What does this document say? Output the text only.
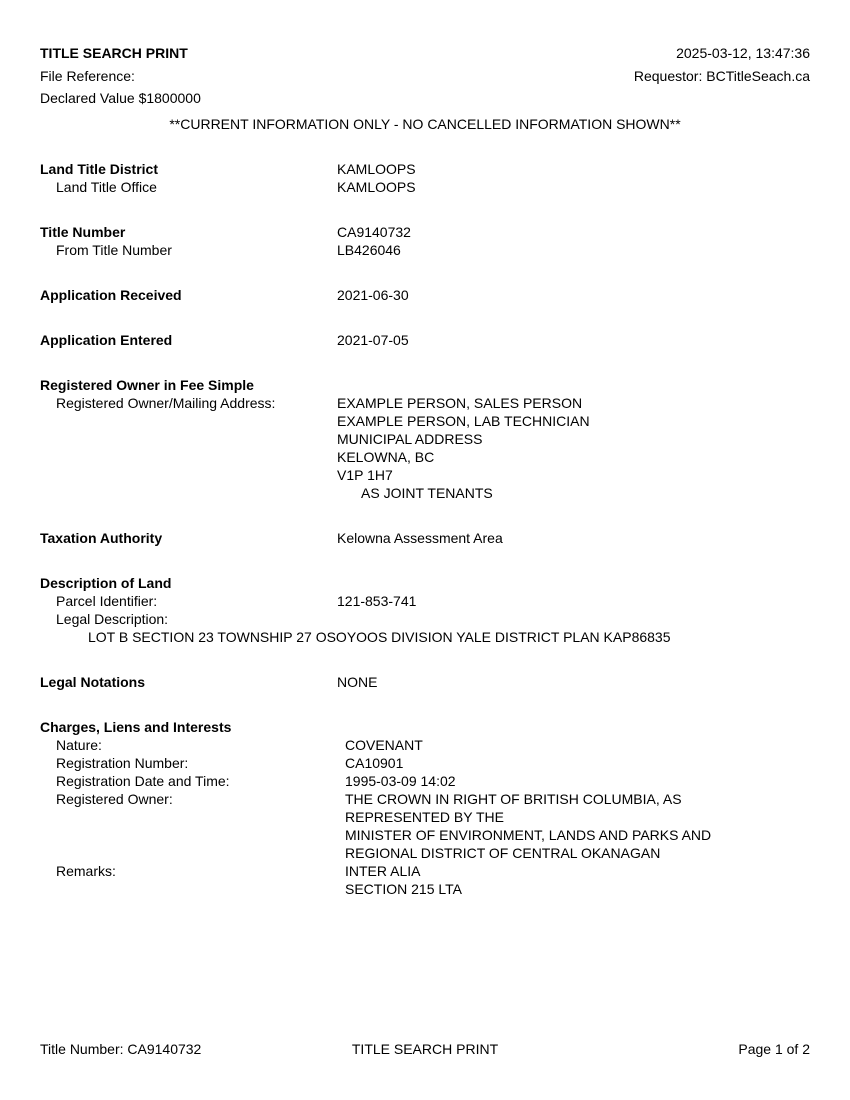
TITLE SEARCH PRINT
File Reference:
Declared Value $1800000
2025-03-12, 13:47:36
Requestor: BCTitleSeach.ca
**CURRENT INFORMATION ONLY - NO CANCELLED INFORMATION SHOWN**
Land Title District	KAMLOOPS
Land Title Office	KAMLOOPS
Title Number	CA9140732
From Title Number	LB426046
Application Received	2021-06-30
Application Entered	2021-07-05
Registered Owner in Fee Simple
Registered Owner/Mailing Address:	EXAMPLE PERSON, SALES PERSON
EXAMPLE PERSON, LAB TECHNICIAN
MUNICIPAL ADDRESS
KELOWNA, BC
V1P 1H7
AS JOINT TENANTS
Taxation Authority	Kelowna Assessment Area
Description of Land
Parcel Identifier:	121-853-741
Legal Description:
LOT B SECTION 23 TOWNSHIP 27 OSOYOOS DIVISION YALE DISTRICT PLAN KAP86835
Legal Notations	NONE
Charges, Liens and Interests
Nature:	COVENANT
Registration Number:	CA10901
Registration Date and Time:	1995-03-09 14:02
Registered Owner:	THE CROWN IN RIGHT OF BRITISH COLUMBIA, AS
REPRESENTED BY THE
MINISTER OF ENVIRONMENT, LANDS AND PARKS AND
REGIONAL DISTRICT OF CENTRAL OKANAGAN
Remarks:	INTER ALIA
SECTION 215 LTA
Title Number: CA9140732	TITLE SEARCH PRINT	Page 1 of 2
